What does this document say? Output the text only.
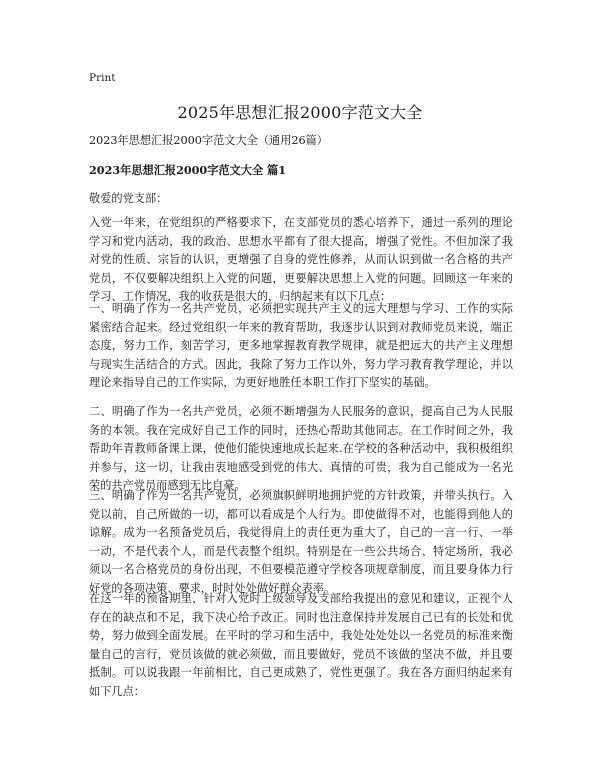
Print
2025年思想汇报2000字范文大全
2023年思想汇报2000字范文大全（通用26篇）
2023年思想汇报2000字范文大全 篇1
敬爱的党支部：

入党一年来，在党组织的严格要求下，在支部党员的悉心培养下，通过一系列的理论学习和党内活动，我的政治、思想水平都有了很大提高，增强了党性。不但加深了我对党的性质、宗旨的认识，更增强了自身的党性修养，从而认识到做一名合格的共产党员，不仅要解决组织上入党的问题，更要解决思想上入党的问题。回顾这一年来的学习、工作情况，我的收获是很大的，归纳起来有以下几点：

一、明确了作为一名共产党员，必须把实现共产主义的远大理想与学习、工作的实际紧密结合起来。经过党组织一年来的教育帮助，我逐步认识到对教师党员来说，端正态度，努力工作，刻苦学习，更多地掌握教育教学规律，就是把远大的共产主义理想与现实生活结合的方式。因此，我除了努力工作以外，努力学习教育教学理论，并以理论来指导自己的工作实际，为更好地胜任本职工作打下坚实的基础。

二、明确了作为一名共产党员，必须不断增强为人民服务的意识，提高自己为人民服务的本领。我在完成好自己工作的同时，还热心帮助其他同志。在工作时间之外，我帮助年青教师备课上课，使他们能快速地成长起来.在学校的各种活动中，我积极组织并参与，这一切，让我由衷地感受到党的伟大、真情的可贵，我为自己能成为一名光荣的共产党员而感到无比自豪。

三、明确了作为一名共产党员，必须旗帜鲜明地拥护党的方针政策，并带头执行。入党以前，自己所做的一切，都可以看成是个人行为。即使做得不对，也能得到他人的谅解。成为一名预备党员后，我觉得肩上的责任更为重大了，自己的一言一行、一举一动，不是代表个人，而是代表整个组织。特别是在一些公共场合、特定场所，我必须以一名合格党员的身份出现，不但要模范遵守学校各项规章制度，而且要身体力行好党的各项决策、要求，时时处处做好群众表率。

在这一年的预备期里，针对入党时上级领导及支部给我提出的意见和建议，正视个人存在的缺点和不足，我下决心给予改正。同时也注意保持并发展自己已有的长处和优势，努力做到全面发展。在平时的学习和生活中，我处处处处以一名党员的标准来衡量自己的言行，党员该做的就必须做，而且要做好，党员不该做的坚决不做，并且要抵制。可以说我跟一年前相比，自己更成熟了，党性更强了。我在各方面归纳起来有如下几点：
